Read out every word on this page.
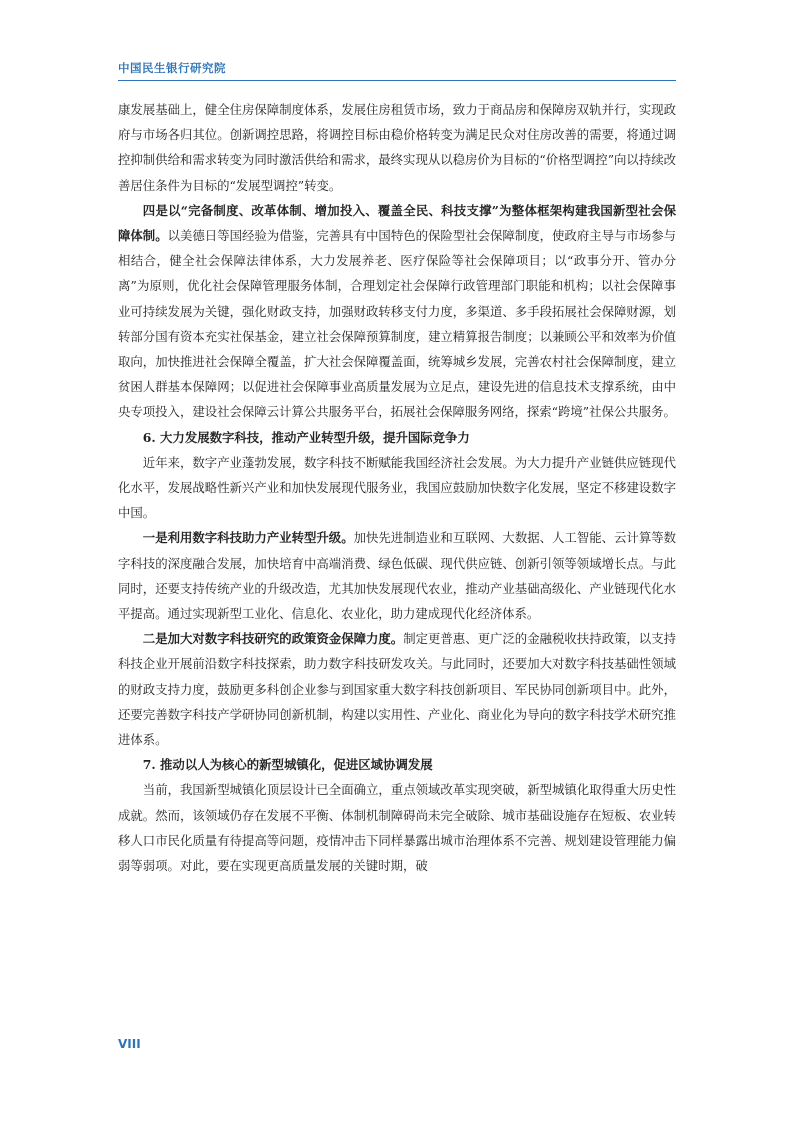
中国民生银行研究院

康发展基础上，健全住房保障制度体系，发展住房租赁市场，致力于商品房和保障房双轨并行，实现政府与市场各归其位。创新调控思路，将调控目标由稳价格转变为满足民众对住房改善的需要，将通过调控抑制供给和需求转变为同时激活供给和需求，最终实现从以稳房价为目标的“价格型调控”向以持续改善居住条件为目标的“发展型调控”转变。

四是以“完备制度、改革体制、增加投入、覆盖全民、科技支撑”为整体框架构建我国新型社会保障体制。以美德日等国经验为借鉴，完善具有中国特色的保险型社会保障制度，使政府主导与市场参与相结合，健全社会保障法律体系，大力发展养老、医疗保险等社会保障项目；以“政事分开、管办分离”为原则，优化社会保障管理服务体制，合理划定社会保障行政管理部门职能和机构；以社会保障事业可持续发展为关键，强化财政支持，加强财政转移支付力度，多渠道、多手段拓展社会保障财源，划转部分国有资本充实社保基金，建立社会保障预算制度，建立精算报告制度；以兼顾公平和效率为价值取向，加快推进社会保障全覆盖，扩大社会保障覆盖面，统筹城乡发展，完善农村社会保障制度，建立贫困人群基本保障网；以促进社会保障事业高质量发展为立足点，建设先进的信息技术支撑系统，由中央专项投入，建设社会保障云计算公共服务平台，拓展社会保障服务网络，探索“跨境”社保公共服务。

6. 大力发展数字科技，推动产业转型升级，提升国际竞争力

近年来，数字产业蓬勃发展，数字科技不断赋能我国经济社会发展。为大力提升产业链供应链现代化水平，发展战略性新兴产业和加快发展现代服务业，我国应鼓励加快数字化发展，坚定不移建设数字中国。

一是利用数字科技助力产业转型升级。加快先进制造业和互联网、大数据、人工智能、云计算等数字科技的深度融合发展，加快培育中高端消费、绿色低碳、现代供应链、创新引领等领域增长点。与此同时，还要支持传统产业的升级改造，尤其加快发展现代农业，推动产业基础高级化、产业链现代化水平提高。通过实现新型工业化、信息化、农业化，助力建成现代化经济体系。

二是加大对数字科技研究的政策资金保障力度。制定更普惠、更广泛的金融税收扶持政策，以支持科技企业开展前沿数字科技探索，助力数字科技研发攻关。与此同时，还要加大对数字科技基础性领域的财政支持力度，鼓励更多科创企业参与到国家重大数字科技创新项目、军民协同创新项目中。此外，还要完善数字科技产学研协同创新机制，构建以实用性、产业化、商业化为导向的数字科技学术研究推进体系。

7. 推动以人为核心的新型城镇化，促进区域协调发展

当前，我国新型城镇化顶层设计已全面确立，重点领域改革实现突破，新型城镇化取得重大历史性成就。然而，该领域仍存在发展不平衡、体制机制障碍尚未完全破除、城市基础设施存在短板、农业转移人口市民化质量有待提高等问题，疫情冲击下同样暴露出城市治理体系不完善、规划建设管理能力偏弱等弱项。对此，要在实现更高质量发展的关键时期，破

VIII
